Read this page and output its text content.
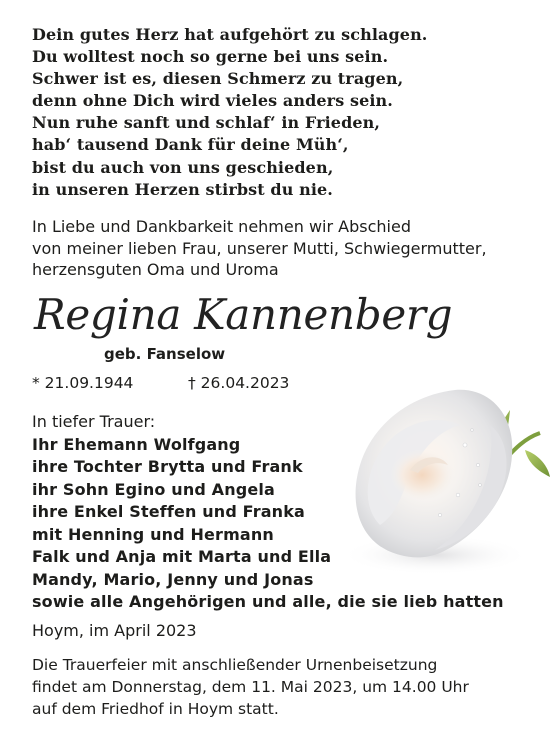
Dein gutes Herz hat aufgehört zu schlagen.
Du wolltest noch so gerne bei uns sein.
Schwer ist es, diesen Schmerz zu tragen,
denn ohne Dich wird vieles anders sein.
Nun ruhe sanft und schlaf‘ in Frieden,
hab‘ tausend Dank für deine Müh‘,
bist du auch von uns geschieden,
in unseren Herzen stirbst du nie.
In Liebe und Dankbarkeit nehmen wir Abschied
von meiner lieben Frau, unserer Mutti, Schwiegermutter,
herzensguten Oma und Uroma
Regina Kannenberg
geb. Fanselow
* 21.09.1944	† 26.04.2023
In tiefer Trauer:
Ihr Ehemann Wolfgang
ihre Tochter Brytta und Frank
ihr Sohn Egino und Angela
ihre Enkel Steffen und Franka
mit Henning und Hermann
Falk und Anja mit Marta und Ella
Mandy, Mario, Jenny und Jonas
sowie alle Angehörigen und alle, die sie lieb hatten
Hoym, im April 2023
Die Trauerfeier mit anschließender Urnenbeisetzung
findet am Donnerstag, dem 11. Mai 2023, um 14.00 Uhr
auf dem Friedhof in Hoym statt.
